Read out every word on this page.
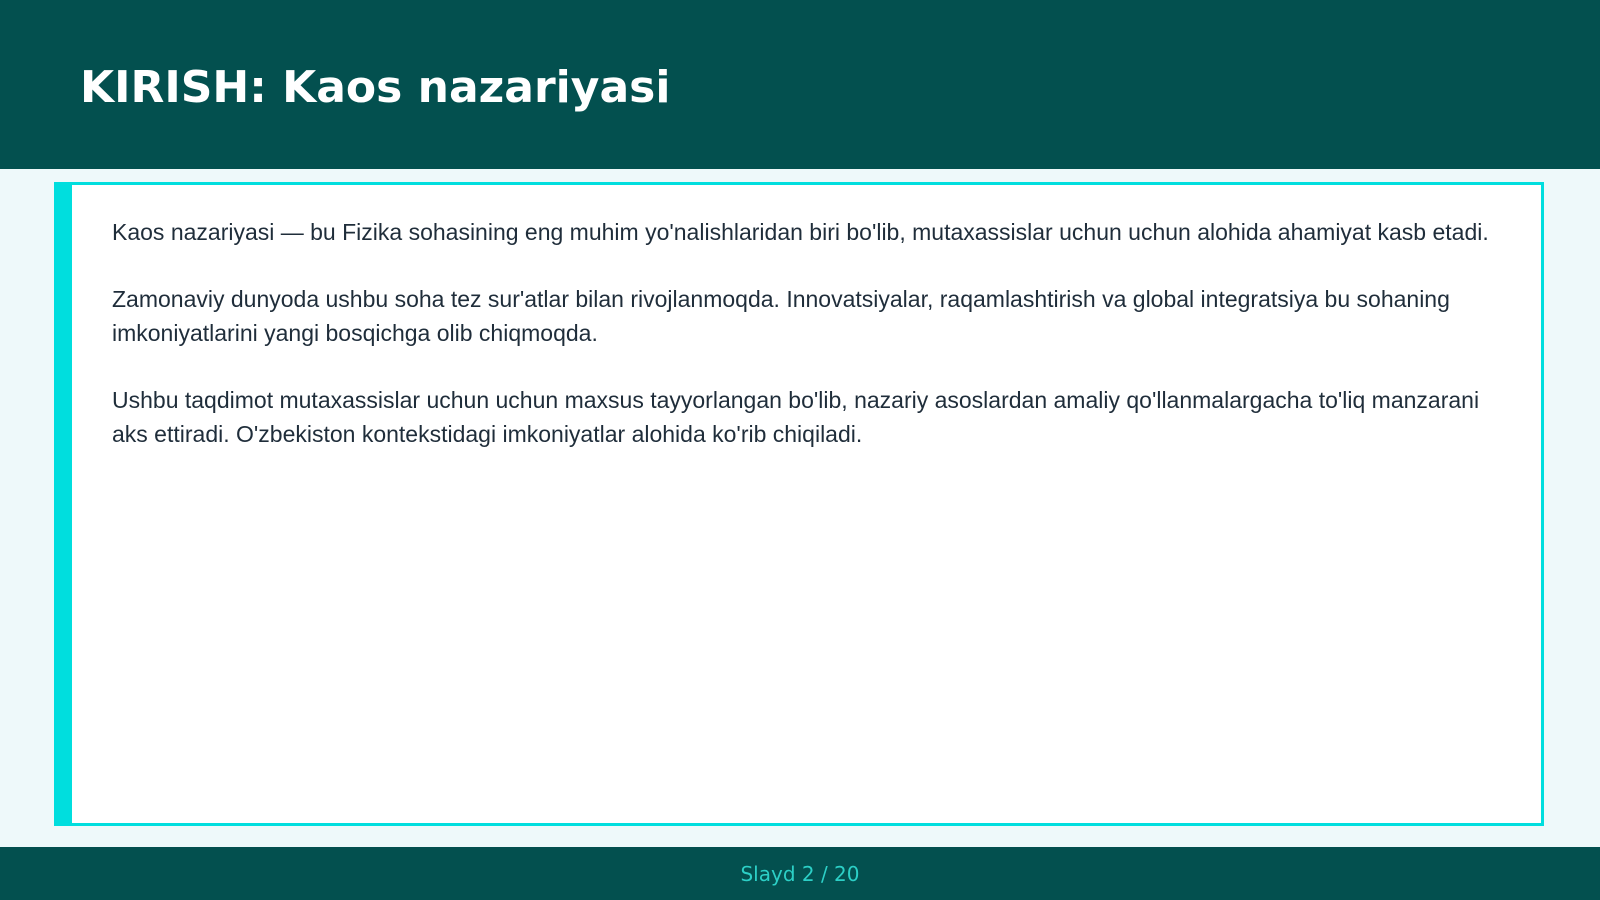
KIRISH: Kaos nazariyasi

Kaos nazariyasi — bu Fizika sohasining eng muhim yo'nalishlaridan biri bo'lib, mutaxassislar uchun uchun alohida ahamiyat kasb etadi.

Zamonaviy dunyoda ushbu soha tez sur'atlar bilan rivojlanmoqda. Innovatsiyalar, raqamlashtirish va global integratsiya bu sohaning imkoniyatlarini yangi bosqichga olib chiqmoqda.

Ushbu taqdimot mutaxassislar uchun uchun maxsus tayyorlangan bo'lib, nazariy asoslardan amaliy qo'llanmalargacha to'liq manzarani aks ettiradi. O'zbekiston kontekstidagi imkoniyatlar alohida ko'rib chiqiladi.

Slayd 2 / 20
